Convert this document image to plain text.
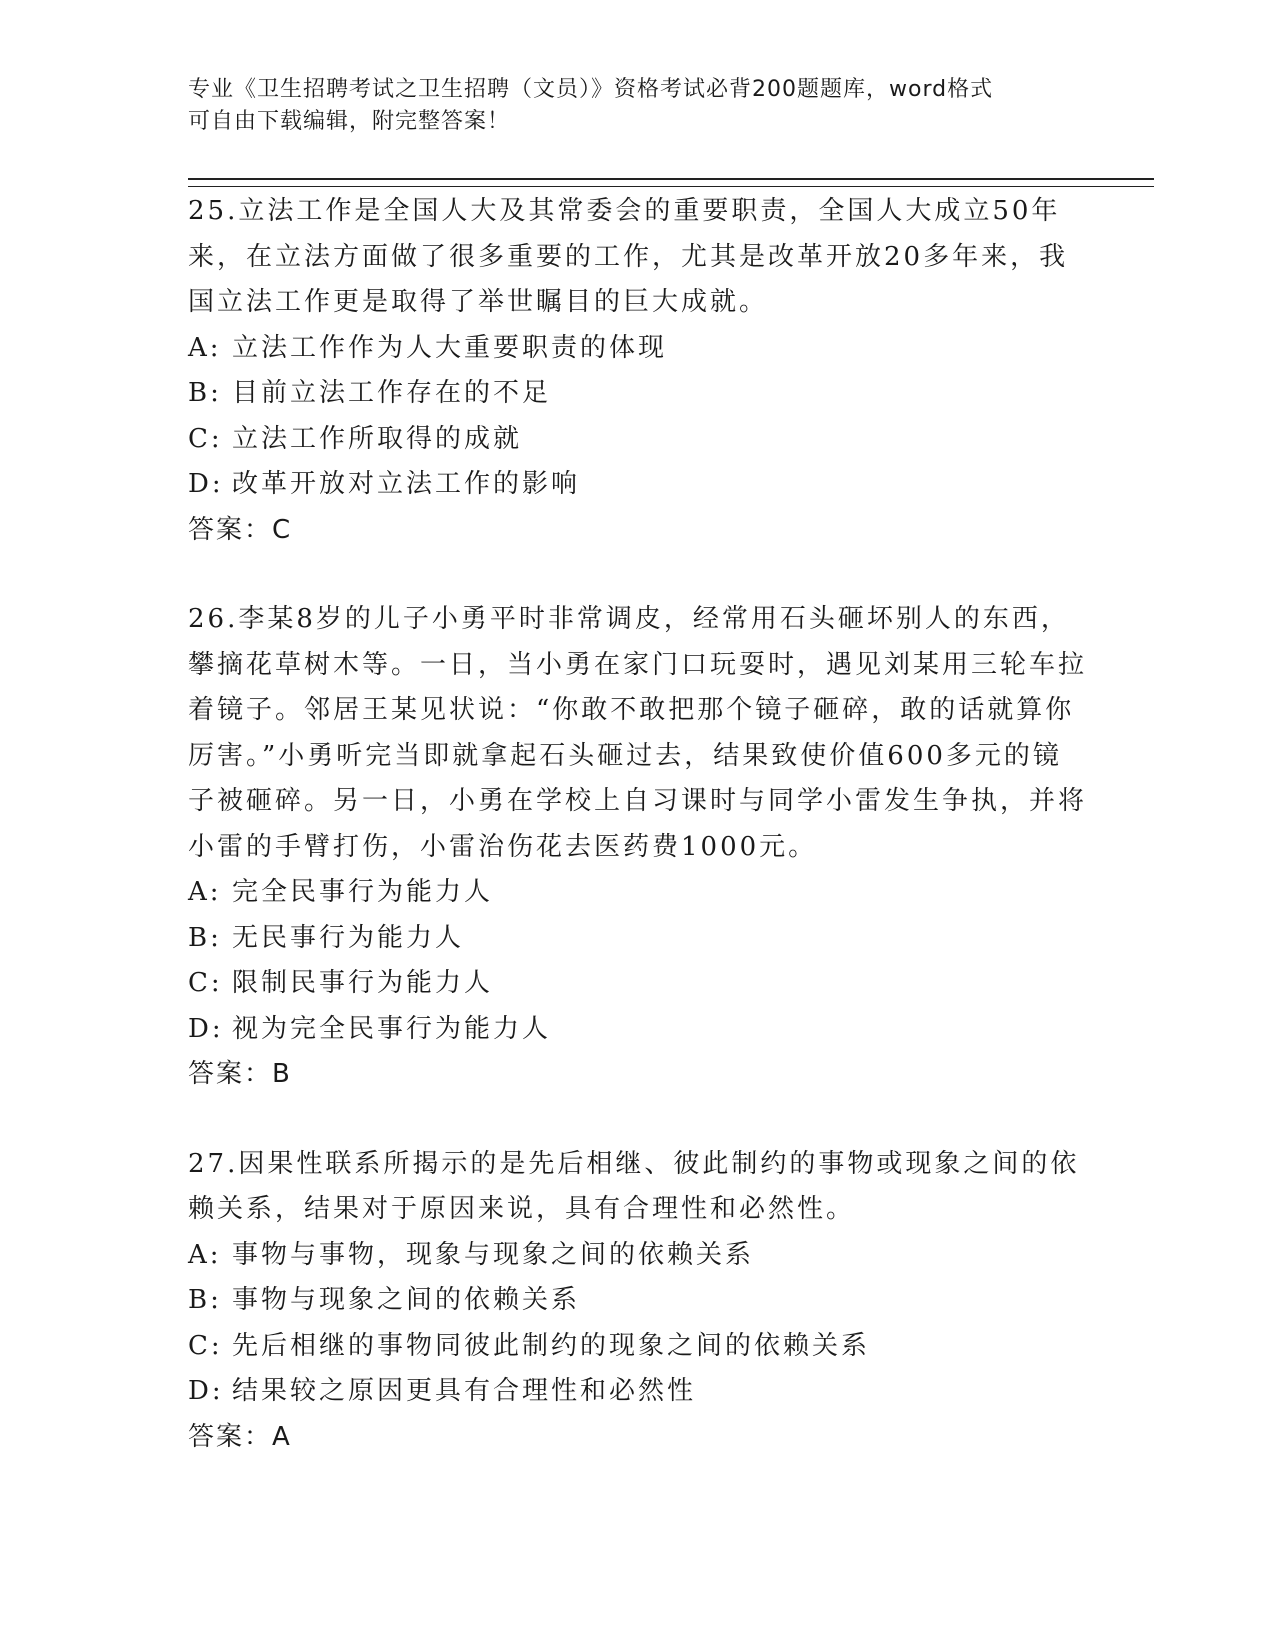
专业《卫生招聘考试之卫生招聘（文员）》资格考试必背200题题库，word格式
可自由下载编辑，附完整答案！

25.立法工作是全国人大及其常委会的重要职责，全国人大成立50年来，在立法方面做了很多重要的工作，尤其是改革开放20多年来，我国立法工作更是取得了举世瞩目的巨大成就。

A: 立法工作作为人大重要职责的体现

B: 目前立法工作存在的不足

C: 立法工作所取得的成就

D: 改革开放对立法工作的影响

答案：C

26.李某8岁的儿子小勇平时非常调皮，经常用石头砸坏别人的东西，攀摘花草树木等。一日，当小勇在家门口玩耍时，遇见刘某用三轮车拉着镜子。邻居王某见状说：“你敢不敢把那个镜子砸碎，敢的话就算你厉害。”小勇听完当即就拿起石头砸过去，结果致使价值600多元的镜子被砸碎。另一日，小勇在学校上自习课时与同学小雷发生争执，并将小雷的手臂打伤，小雷治伤花去医药费1000元。

A: 完全民事行为能力人

B: 无民事行为能力人

C: 限制民事行为能力人

D: 视为完全民事行为能力人

答案：B

27.因果性联系所揭示的是先后相继、彼此制约的事物或现象之间的依赖关系，结果对于原因来说，具有合理性和必然性。

A: 事物与事物，现象与现象之间的依赖关系

B: 事物与现象之间的依赖关系

C: 先后相继的事物同彼此制约的现象之间的依赖关系

D: 结果较之原因更具有合理性和必然性

答案：A
